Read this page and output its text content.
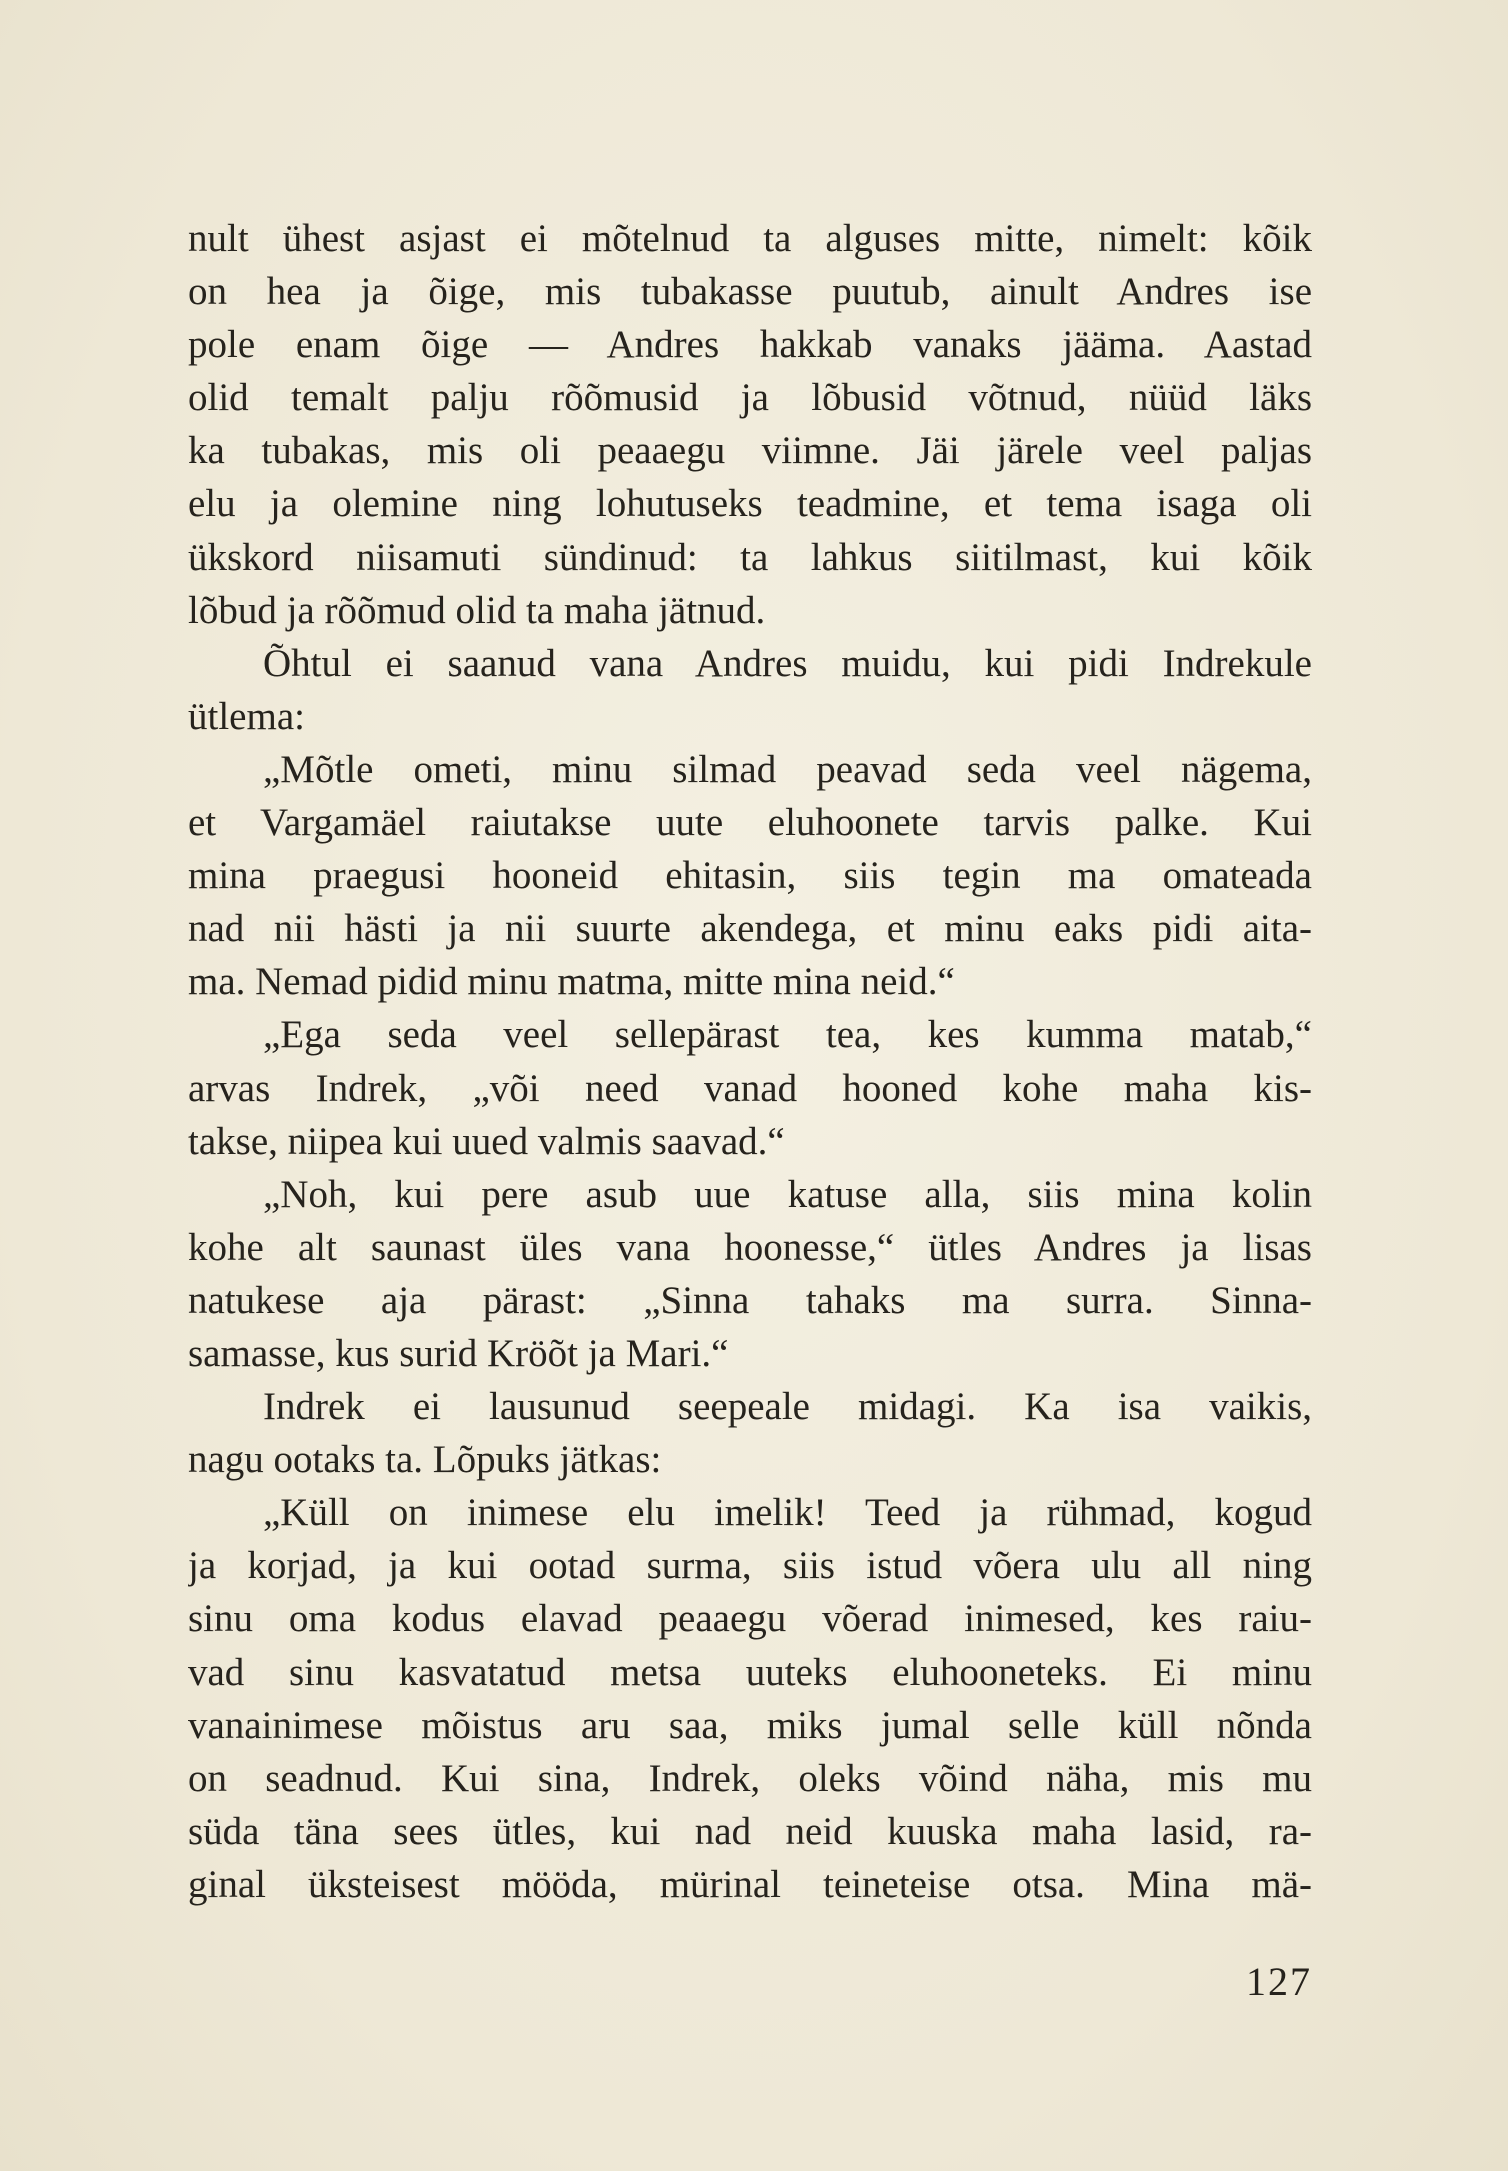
nult ühest asjast ei mõtelnud ta alguses mitte, nimelt: kõik
on hea ja õige, mis tubakasse puutub, ainult Andres ise
pole enam õige — Andres hakkab vanaks jääma. Aastad
olid temalt palju rõõmusid ja lõbusid võtnud, nüüd läks
ka tubakas, mis oli peaaegu viimne. Jäi järele veel paljas
elu ja olemine ning lohutuseks teadmine, et tema isaga oli
ükskord niisamuti sündinud: ta lahkus siitilmast, kui kõik
lõbud ja rõõmud olid ta maha jätnud.
Õhtul ei saanud vana Andres muidu, kui pidi Indrekule
ütlema:
„Mõtle ometi, minu silmad peavad seda veel nägema,
et Vargamäel raiutakse uute eluhoonete tarvis palke. Kui
mina praegusi hooneid ehitasin, siis tegin ma omateada
nad nii hästi ja nii suurte akendega, et minu eaks pidi aita-
ma. Nemad pidid minu matma, mitte mina neid.“
„Ega seda veel sellepärast tea, kes kumma matab,“
arvas Indrek, „või need vanad hooned kohe maha kis-
takse, niipea kui uued valmis saavad.“
„Noh, kui pere asub uue katuse alla, siis mina kolin
kohe alt saunast üles vana hoonesse,“ ütles Andres ja lisas
natukese aja pärast: „Sinna tahaks ma surra. Sinna-
samasse, kus surid Kröõt ja Mari.“
Indrek ei lausunud seepeale midagi. Ka isa vaikis,
nagu ootaks ta. Lõpuks jätkas:
„Küll on inimese elu imelik! Teed ja rühmad, kogud
ja korjad, ja kui ootad surma, siis istud võera ulu all ning
sinu oma kodus elavad peaaegu võerad inimesed, kes raiu-
vad sinu kasvatatud metsa uuteks eluhooneteks. Ei minu
vanainimese mõistus aru saa, miks jumal selle küll nõnda
on seadnud. Kui sina, Indrek, oleks võind näha, mis mu
süda täna sees ütles, kui nad neid kuuska maha lasid, ra-
ginal üksteisest mööda, mürinal teineteise otsa. Mina mä-
127
